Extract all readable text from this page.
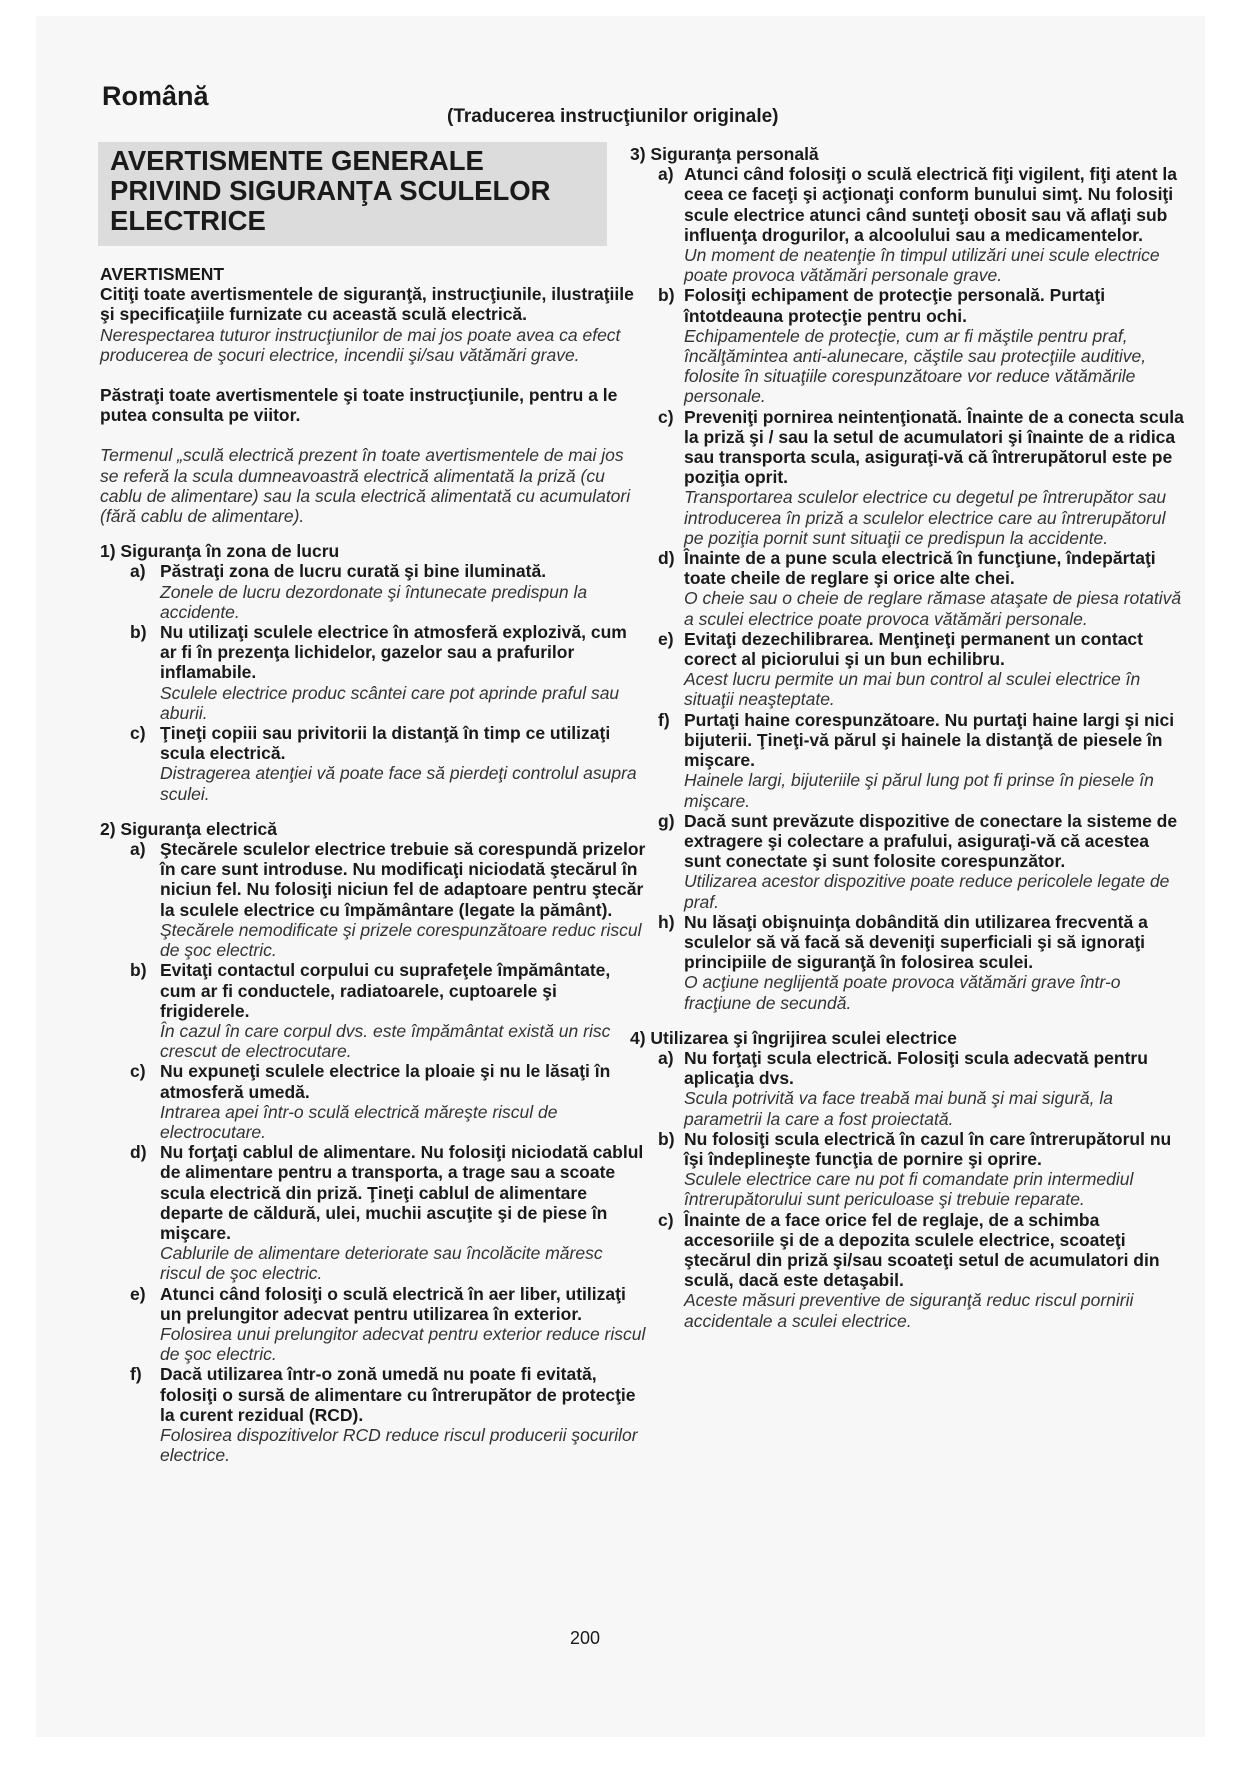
Română
(Traducerea instrucţiunilor originale)
AVERTISMENTE GENERALE PRIVIND SIGURANŢA SCULELOR ELECTRICE

AVERTISMENT

Citiţi toate avertismentele de siguranţă, instrucţiunile, ilustraţiile şi specificaţiile furnizate cu această sculă electrică.

Nerespectarea tuturor instrucţiunilor de mai jos poate avea ca efect producerea de şocuri electrice, incendii şi/sau vătămări grave.

Păstraţi toate avertismentele şi toate instrucţiunile, pentru a le putea consulta pe viitor.

Termenul „sculă electrică prezent în toate avertismentele de mai jos se referă la scula dumneavoastră electrică alimentată la priză (cu cablu de alimentare) sau la scula electrică alimentată cu acumulatori (fără cablu de alimentare).

1) Siguranţa în zona de lucru

a) Păstraţi zona de lucru curată şi bine iluminată.

Zonele de lucru dezordonate şi întunecate predispun la accidente.

b) Nu utilizaţi sculele electrice în atmosferă explozivă, cum ar fi în prezenţa lichidelor, gazelor sau a prafurilor inflamabile.

Sculele electrice produc scântei care pot aprinde praful sau aburii.

c) Ţineţi copiii sau privitorii la distanţă în timp ce utilizaţi scula electrică.

Distragerea atenţiei vă poate face să pierdeţi controlul asupra sculei.

2) Siguranţa electrică

a) Ştecărele sculelor electrice trebuie să corespundă prizelor în care sunt introduse. Nu modificaţi niciodată ştecărul în niciun fel. Nu folosiţi niciun fel de adaptoare pentru ştecăr la sculele electrice cu împământare (legate la pământ).

Ştecărele nemodificate şi prizele corespunzătoare reduc riscul de şoc electric.

b) Evitaţi contactul corpului cu suprafeţele împământate, cum ar fi conductele, radiatoarele, cuptoarele şi frigiderele.

În cazul în care corpul dvs. este împământat există un risc crescut de electrocutare.

c) Nu expuneţi sculele electrice la ploaie şi nu le lăsaţi în atmosferă umedă.

Intrarea apei într-o sculă electrică măreşte riscul de electrocutare.

d) Nu forţaţi cablul de alimentare. Nu folosiţi niciodată cablul de alimentare pentru a transporta, a trage sau a scoate scula electrică din priză. Ţineţi cablul de alimentare departe de căldură, ulei, muchii ascuţite şi de piese în mişcare.

Cablurile de alimentare deteriorate sau încolăcite măresc riscul de şoc electric.

e) Atunci când folosiţi o sculă electrică în aer liber, utilizaţi un prelungitor adecvat pentru utilizarea în exterior.

Folosirea unui prelungitor adecvat pentru exterior reduce riscul de şoc electric.

f) Dacă utilizarea într-o zonă umedă nu poate fi evitată, folosiţi o sursă de alimentare cu întrerupător de protecţie la curent rezidual (RCD).

Folosirea dispozitivelor RCD reduce riscul producerii şocurilor electrice.

3) Siguranţa personală

a) Atunci când folosiţi o sculă electrică fiţi vigilent, fiţi atent la ceea ce faceţi şi acţionaţi conform bunului simţ. Nu folosiţi scule electrice atunci când sunteţi obosit sau vă aflaţi sub influenţa drogurilor, a alcoolului sau a medicamentelor.

Un moment de neatenţie în timpul utilizări unei scule electrice poate provoca vătămări personale grave.

b) Folosiţi echipament de protecţie personală. Purtaţi întotdeauna protecţie pentru ochi.

Echipamentele de protecţie, cum ar fi măştile pentru praf, încălţămintea anti-alunecare, căştile sau protecţiile auditive, folosite în situaţiile corespunzătoare vor reduce vătămările personale.

c) Preveniţi pornirea neintenţionată. Înainte de a conecta scula la priză şi / sau la setul de acumulatori şi înainte de a ridica sau transporta scula, asiguraţi-vă că întrerupătorul este pe poziţia oprit.

Transportarea sculelor electrice cu degetul pe întrerupător sau introducerea în priză a sculelor electrice care au întrerupătorul pe poziţia pornit sunt situaţii ce predispun la accidente.

d) Înainte de a pune scula electrică în funcţiune, îndepărtaţi toate cheile de reglare şi orice alte chei.

O cheie sau o cheie de reglare rămase ataşate de piesa rotativă a sculei electrice poate provoca vătămări personale.

e) Evitaţi dezechilibrarea. Menţineţi permanent un contact corect al piciorului şi un bun echilibru.

Acest lucru permite un mai bun control al sculei electrice în situaţii neaşteptate.

f) Purtaţi haine corespunzătoare. Nu purtaţi haine largi şi nici bijuterii. Ţineţi-vă părul şi hainele la distanţă de piesele în mişcare.

Hainele largi, bijuteriile şi părul lung pot fi prinse în piesele în mişcare.

g) Dacă sunt prevăzute dispozitive de conectare la sisteme de extragere şi colectare a prafului, asiguraţi-vă că acestea sunt conectate şi sunt folosite corespunzător.

Utilizarea acestor dispozitive poate reduce pericolele legate de praf.

h) Nu lăsaţi obişnuinţa dobândită din utilizarea frecventă a sculelor să vă facă să deveniţi superficiali şi să ignoraţi principiile de siguranţă în folosirea sculei.

O acţiune neglijentă poate provoca vătămări grave într-o fracţiune de secundă.

4) Utilizarea şi îngrijirea sculei electrice

a) Nu forţaţi scula electrică. Folosiţi scula adecvată pentru aplicaţia dvs.

Scula potrivită va face treabă mai bună şi mai sigură, la parametrii la care a fost proiectată.

b) Nu folosiţi scula electrică în cazul în care întrerupătorul nu îşi îndeplineşte funcţia de pornire şi oprire.

Sculele electrice care nu pot fi comandate prin intermediul întrerupătorului sunt periculoase şi trebuie reparate.

c) Înainte de a face orice fel de reglaje, de a schimba accesoriile şi de a depozita sculele electrice, scoateţi ştecărul din priză şi/sau scoateţi setul de acumulatori din sculă, dacă este detaşabil.

Aceste măsuri preventive de siguranţă reduc riscul pornirii accidentale a sculei electrice.

200
